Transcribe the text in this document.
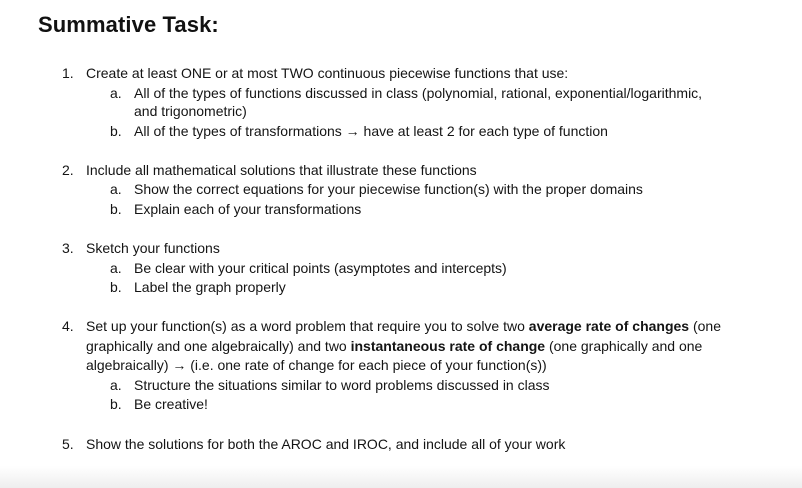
Summative Task:
1. Create at least ONE or at most TWO continuous piecewise functions that use:
a. All of the types of functions discussed in class (polynomial, rational, exponential/logarithmic,
and trigonometric)
b. All of the types of transformations → have at least 2 for each type of function
2. Include all mathematical solutions that illustrate these functions
a. Show the correct equations for your piecewise function(s) with the proper domains
b. Explain each of your transformations
3. Sketch your functions
a. Be clear with your critical points (asymptotes and intercepts)
b. Label the graph properly
4. Set up your function(s) as a word problem that require you to solve two average rate of changes (one
graphically and one algebraically) and two instantaneous rate of change (one graphically and one
algebraically) → (i.e. one rate of change for each piece of your function(s))
a. Structure the situations similar to word problems discussed in class
b. Be creative!
5. Show the solutions for both the AROC and IROC, and include all of your work
